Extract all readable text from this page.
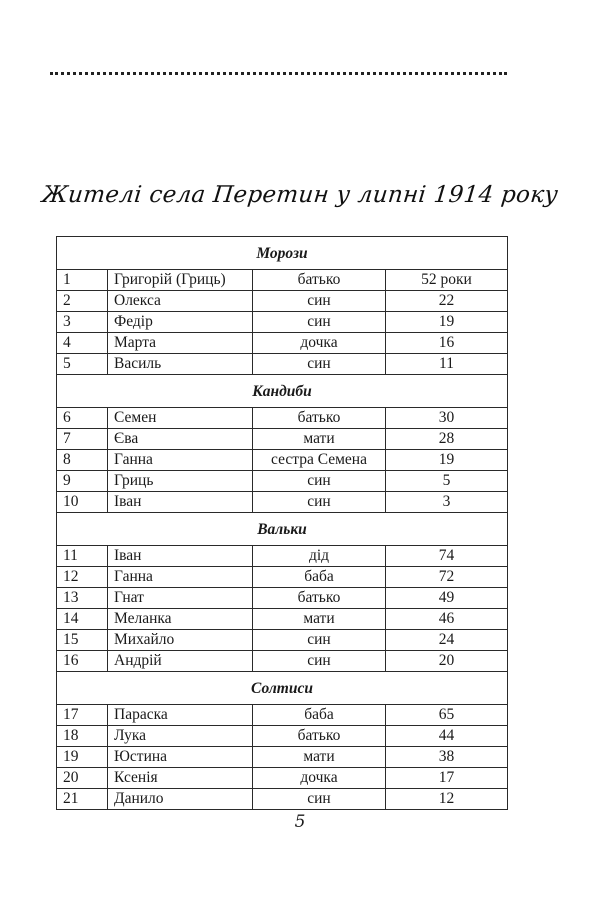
Жителі села Перетин у липні 1914 року
Морози			
1	Григорій (Гриць)	батько	52 роки
2	Олекса	син	22
3	Федір	син	19
4	Марта	дочка	16
5	Василь	син	11
Кандиби			
6	Семен	батько	30
7	Єва	мати	28
8	Ганна	сестра Семена	19
9	Гриць	син	5
10	Іван	син	3
Вальки			
11	Іван	дід	74
12	Ганна	баба	72
13	Гнат	батько	49
14	Меланка	мати	46
15	Михайло	син	24
16	Андрій	син	20
Солтиси			
17	Параска	баба	65
18	Лука	батько	44
19	Юстина	мати	38
20	Ксенія	дочка	17
21	Данило	син	12
5
